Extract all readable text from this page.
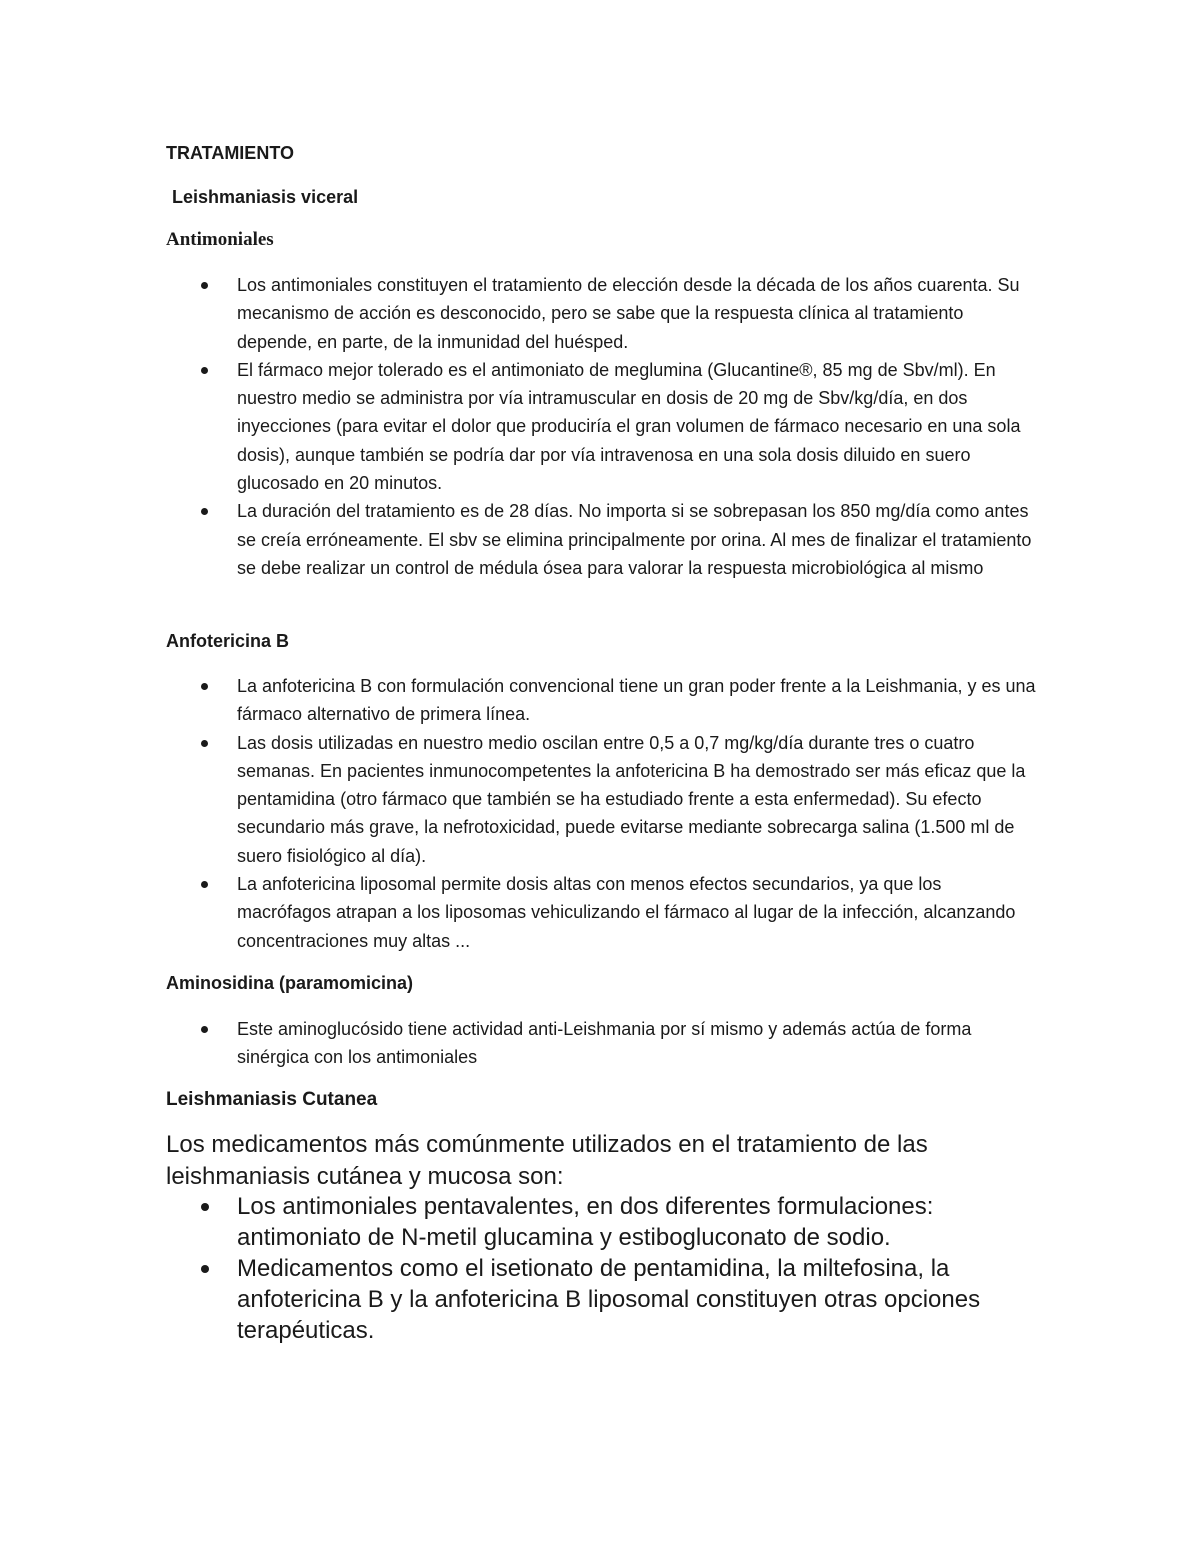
TRATAMIENTO
Leishmaniasis viceral
Antimoniales
Los antimoniales constituyen el tratamiento de elección desde la década de los años cuarenta. Su mecanismo de acción es desconocido, pero se sabe que la respuesta clínica al tratamiento depende, en parte, de la inmunidad del huésped.
El fármaco mejor tolerado es el antimoniato de meglumina (Glucantine®, 85 mg de Sbv/ml). En nuestro medio se administra por vía intramuscular en dosis de 20 mg de Sbv/kg/día, en dos inyecciones (para evitar el dolor que produciría el gran volumen de fármaco necesario en una sola dosis), aunque también se podría dar por vía intravenosa en una sola dosis diluido en suero glucosado en 20 minutos.
La duración del tratamiento es de 28 días. No importa si se sobrepasan los 850 mg/día como antes se creía erróneamente. El sbv se elimina principalmente por orina. Al mes de finalizar el tratamiento se debe realizar un control de médula ósea para valorar la respuesta microbiológica al mismo
Anfotericina B
La anfotericina B con formulación convencional tiene un gran poder frente a la Leishmania, y es una fármaco alternativo de primera línea.
Las dosis utilizadas en nuestro medio oscilan entre 0,5 a 0,7 mg/kg/día durante tres o cuatro semanas. En pacientes inmunocompetentes la anfotericina B ha demostrado ser más eficaz que la pentamidina (otro fármaco que también se ha estudiado frente a esta enfermedad). Su efecto secundario más grave, la nefrotoxicidad, puede evitarse mediante sobrecarga salina (1.500 ml de suero fisiológico al día).
La anfotericina liposomal permite dosis altas con menos efectos secundarios, ya que los macrófagos atrapan a los liposomas vehiculizando el fármaco al lugar de la infección, alcanzando concentraciones muy altas ...
Aminosidina (paramomicina)
Este aminoglucósido tiene actividad anti-Leishmania por sí mismo y además actúa de forma sinérgica con los antimoniales
Leishmaniasis Cutanea

Los medicamentos más comúnmente utilizados en el tratamiento de las leishmaniasis cutánea y mucosa son:

Los antimoniales pentavalentes, en dos diferentes formulaciones: antimoniato de N-metil glucamina y estibogluconato de sodio.
Medicamentos como el isetionato de pentamidina, la miltefosina, la anfotericina B y la anfotericina B liposomal constituyen otras opciones terapéuticas.
